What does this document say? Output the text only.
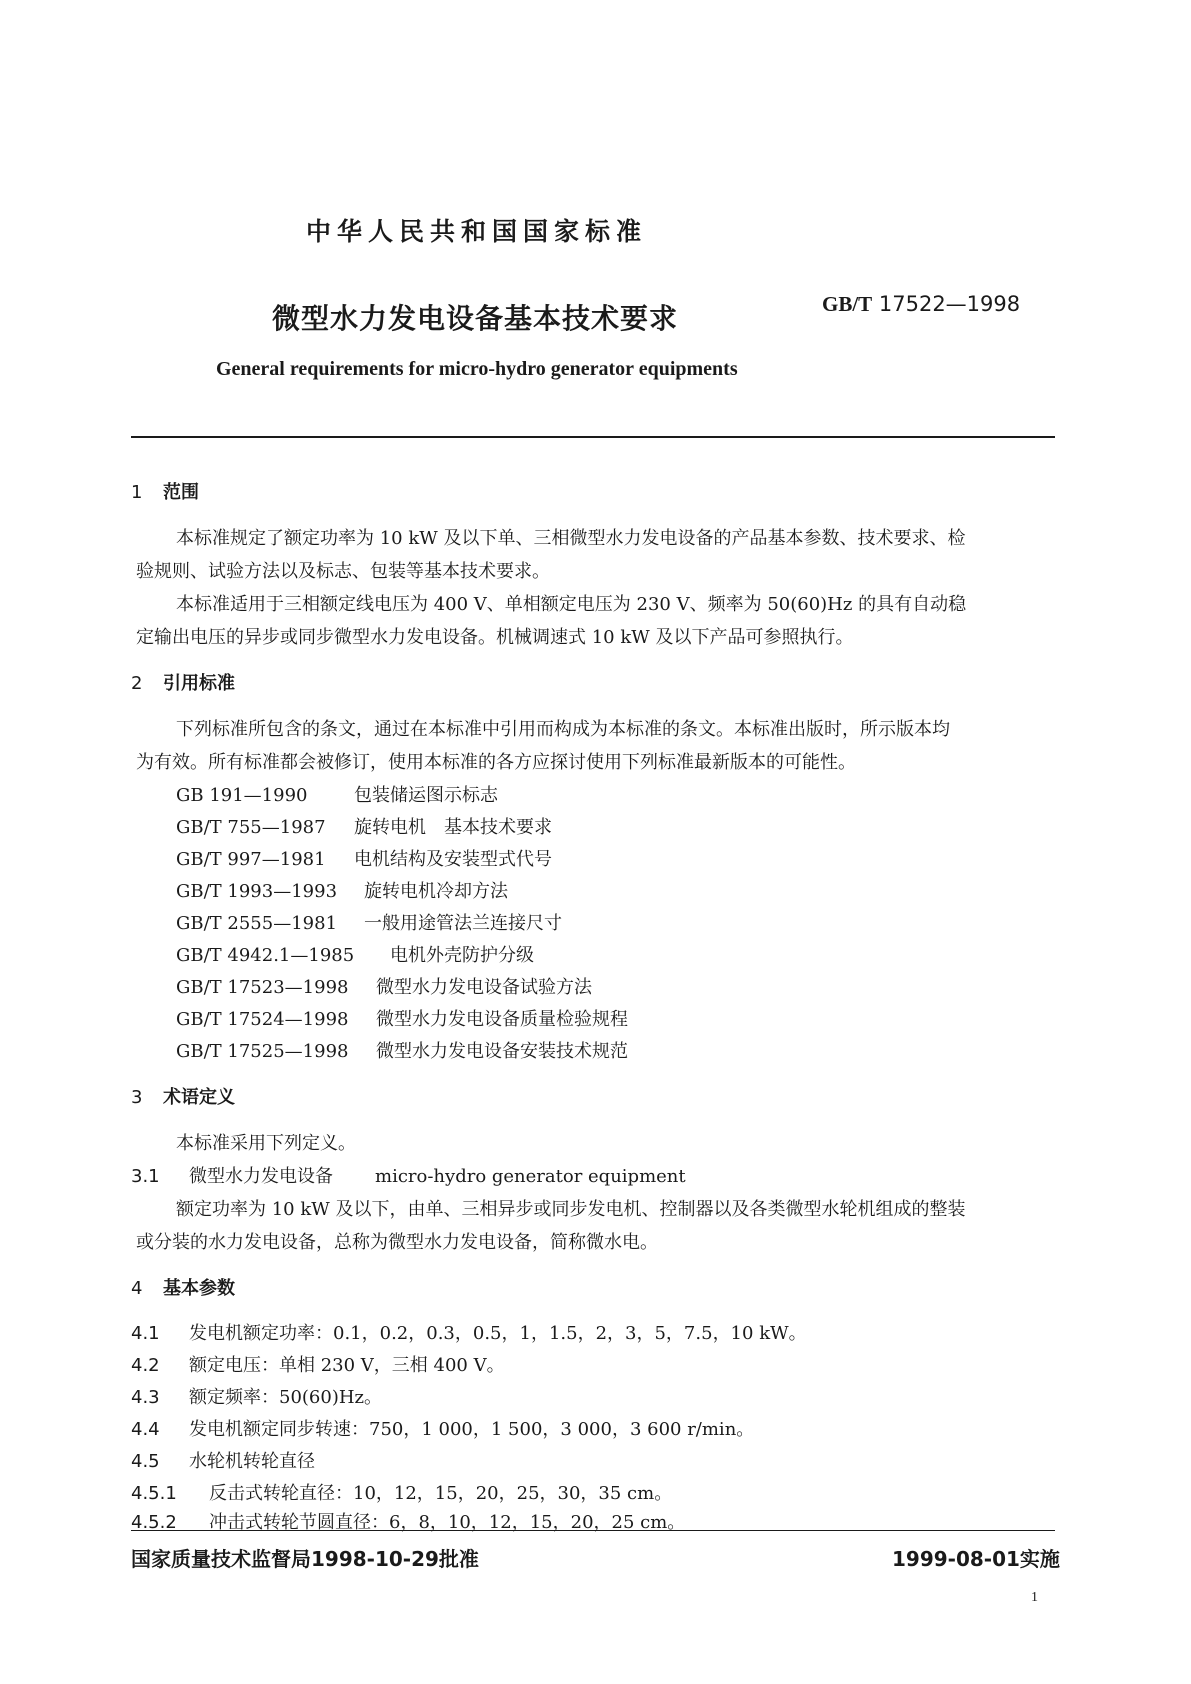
中华人民共和国国家标准
微型水力发电设备基本技术要求	GB/T 17522—1998
General requirements for micro-hydro generator equipments
1 范围
本标准规定了额定功率为 10 kW 及以下单、三相微型水力发电设备的产品基本参数、技术要求、检
验规则、试验方法以及标志、包装等基本技术要求。
本标准适用于三相额定线电压为 400 V、单相额定电压为 230 V、频率为 50(60)Hz 的具有自动稳
定输出电压的异步或同步微型水力发电设备。机械调速式 10 kW 及以下产品可参照执行。
2 引用标准
下列标准所包含的条文，通过在本标准中引用而构成为本标准的条文。本标准出版时，所示版本均
为有效。所有标准都会被修订，使用本标准的各方应探讨使用下列标准最新版本的可能性。
GB 191—1990	包装储运图示标志
GB/T 755—1987 旋转电机　基本技术要求
GB/T 997—1981 电机结构及安装型式代号
GB/T 1993—1993 旋转电机冷却方法
GB/T 2555—1981 一般用途管法兰连接尺寸
GB/T 4942.1—1985 电机外壳防护分级
GB/T 17523—1998 微型水力发电设备试验方法
GB/T 17524—1998 微型水力发电设备质量检验规程
GB/T 17525—1998 微型水力发电设备安装技术规范
3 术语定义
本标准采用下列定义。
3.1 微型水力发电设备 micro-hydro generator equipment
额定功率为 10 kW 及以下，由单、三相异步或同步发电机、控制器以及各类微型水轮机组成的整装
或分装的水力发电设备，总称为微型水力发电设备，简称微水电。
4 基本参数
4.1 发电机额定功率：0.1，0.2，0.3，0.5，1，1.5，2，3，5，7.5，10 kW。
4.2 额定电压：单相 230 V，三相 400 V。
4.3 额定频率：50(60)Hz。
4.4 发电机额定同步转速：750，1 000，1 500，3 000，3 600 r/min。
4.5 水轮机转轮直径
4.5.1 反击式转轮直径：10，12，15，20，25，30，35 cm。
4.5.2 冲击式转轮节圆直径：6，8，10，12，15，20，25 cm。
国家质量技术监督局1998-10-29批准	1999-08-01实施
1
